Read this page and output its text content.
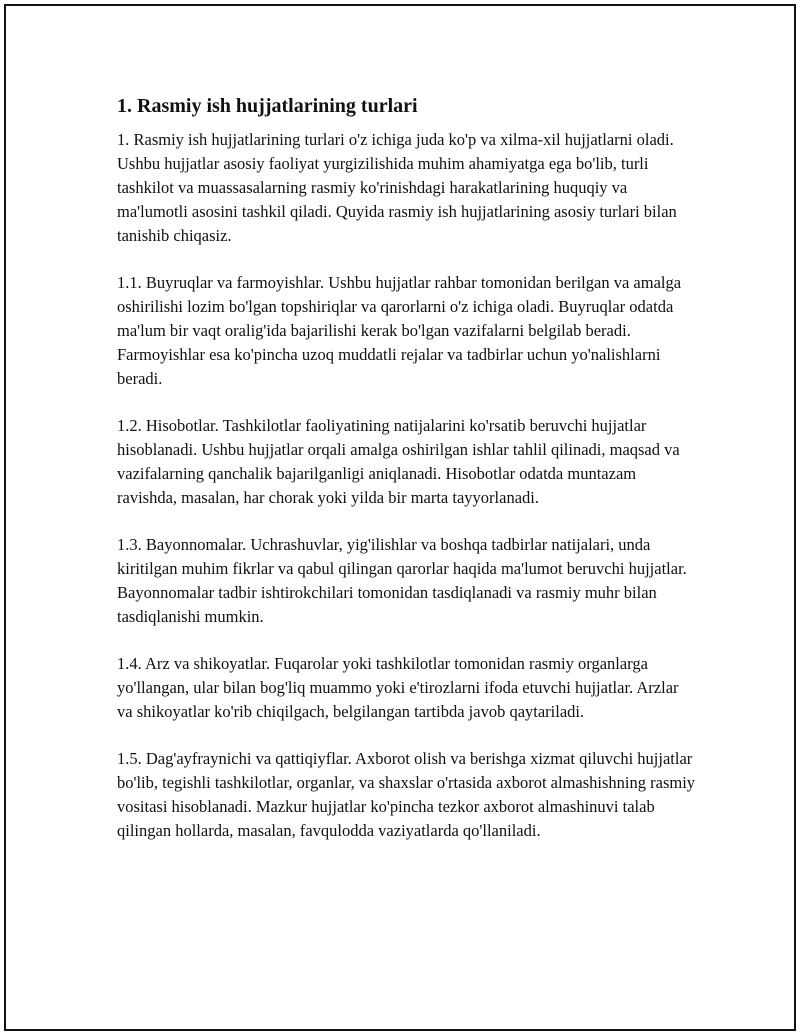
1. Rasmiy ish hujjatlarining turlari

1. Rasmiy ish hujjatlarining turlari o'z ichiga juda ko'p va xilma-xil hujjatlarni oladi. Ushbu hujjatlar asosiy faoliyat yurgizilishida muhim ahamiyatga ega bo'lib, turli tashkilot va muassasalarning rasmiy ko'rinishdagi harakatlarining huquqiy va ma'lumotli asosini tashkil qiladi. Quyida rasmiy ish hujjatlarining asosiy turlari bilan tanishib chiqasiz.

1.1. Buyruqlar va farmoyishlar. Ushbu hujjatlar rahbar tomonidan berilgan va amalga oshirilishi lozim bo'lgan topshiriqlar va qarorlarni o'z ichiga oladi. Buyruqlar odatda ma'lum bir vaqt oralig'ida bajarilishi kerak bo'lgan vazifalarni belgilab beradi. Farmoyishlar esa ko'pincha uzoq muddatli rejalar va tadbirlar uchun yo'nalishlarni beradi.

1.2. Hisobotlar. Tashkilotlar faoliyatining natijalarini ko'rsatib beruvchi hujjatlar hisoblanadi. Ushbu hujjatlar orqali amalga oshirilgan ishlar tahlil qilinadi, maqsad va vazifalarning qanchalik bajarilganligi aniqlanadi. Hisobotlar odatda muntazam ravishda, masalan, har chorak yoki yilda bir marta tayyorlanadi.

1.3. Bayonnomalar. Uchrashuvlar, yig'ilishlar va boshqa tadbirlar natijalari, unda kiritilgan muhim fikrlar va qabul qilingan qarorlar haqida ma'lumot beruvchi hujjatlar. Bayonnomalar tadbir ishtirokchilari tomonidan tasdiqlanadi va rasmiy muhr bilan tasdiqlanishi mumkin.

1.4. Arz va shikoyatlar. Fuqarolar yoki tashkilotlar tomonidan rasmiy organlarga yo'llangan, ular bilan bog'liq muammo yoki e'tirozlarni ifoda etuvchi hujjatlar. Arzlar va shikoyatlar ko'rib chiqilgach, belgilangan tartibda javob qaytariladi.

1.5. Dag'ayfraynichi va qattiqiyflar. Axborot olish va berishga xizmat qiluvchi hujjatlar bo'lib, tegishli tashkilotlar, organlar, va shaxslar o'rtasida axborot almashishning rasmiy vositasi hisoblanadi. Mazkur hujjatlar ko'pincha tezkor axborot almashinuvi talab qilingan hollarda, masalan, favqulodda vaziyatlarda qo'llaniladi.
